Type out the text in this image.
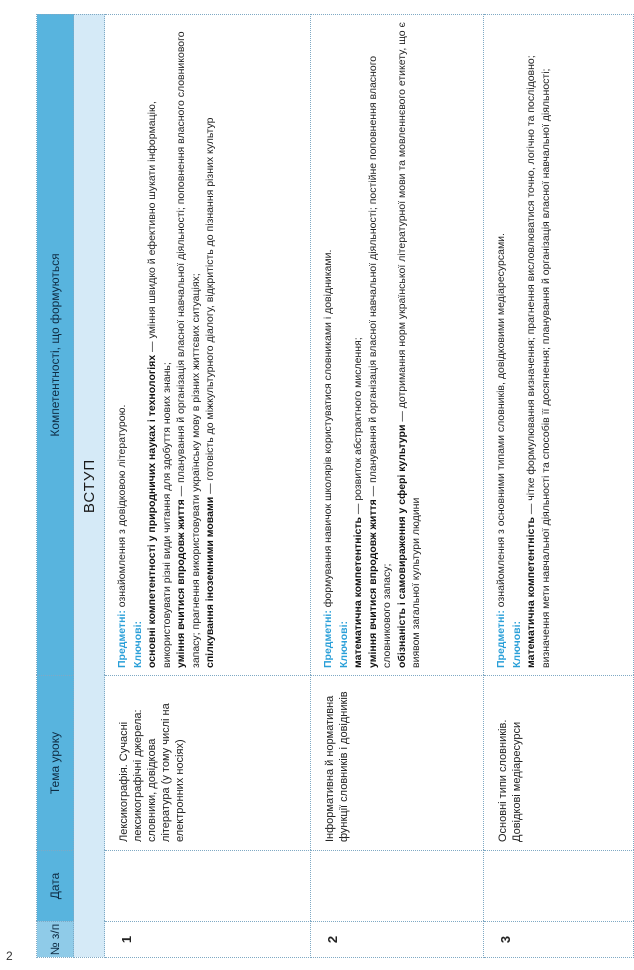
2
№ з/п	Дата	Тема уроку	Компетентності, що формуються
ВСТУП			
1		Лексикографія. Сучасні лексикографічні джерела: словники, довідкова література (у тому числі на електронних носіях)	Предметні: ознайомлення з довідковою літературою.

Ключові: основні компетентності у природничих науках і технологіях — уміння швидко й ефективно шукати інформацію, використовувати різні види читання для здобуття нових знань; уміння вчитися впродовж життя — планування й організація власної навчальної діяльності; поповнення власного словникового запасу; прагнення використовувати українську мову в різних життєвих ситуаціях; спілкування іноземними мовами — готовість до міжкультурного діалогу, відкритість до пізнання різних культур

2		Інформативна й нормативна функції словників і довідників	Предметні: формування навичок школярів користуватися словниками і довідниками.

Ключові: математична компетентність — розвиток абстрактного мислення;

уміння вчитися впродовж життя — планування й організація власної навчальної діяльності; постійне поповнення власного словникового запасу; обізнаність і самовираження у сфері культури — дотримання норм української літературної мови та мовленнєвого етикету, що є виявом загальної культури людини

3		Основні типи словників. Довідкові медіаресурси	Предметні: ознайомлення з основними типами словників, довідковими медіаресурсами.

Ключові: математична компетентність — чітке формулювання визначення; прагнення висловлюватися точно, логічно та послідовно; визначення мети навчальної діяльності та способів її досягнення; планування й організація власної навчальної діяльності;
